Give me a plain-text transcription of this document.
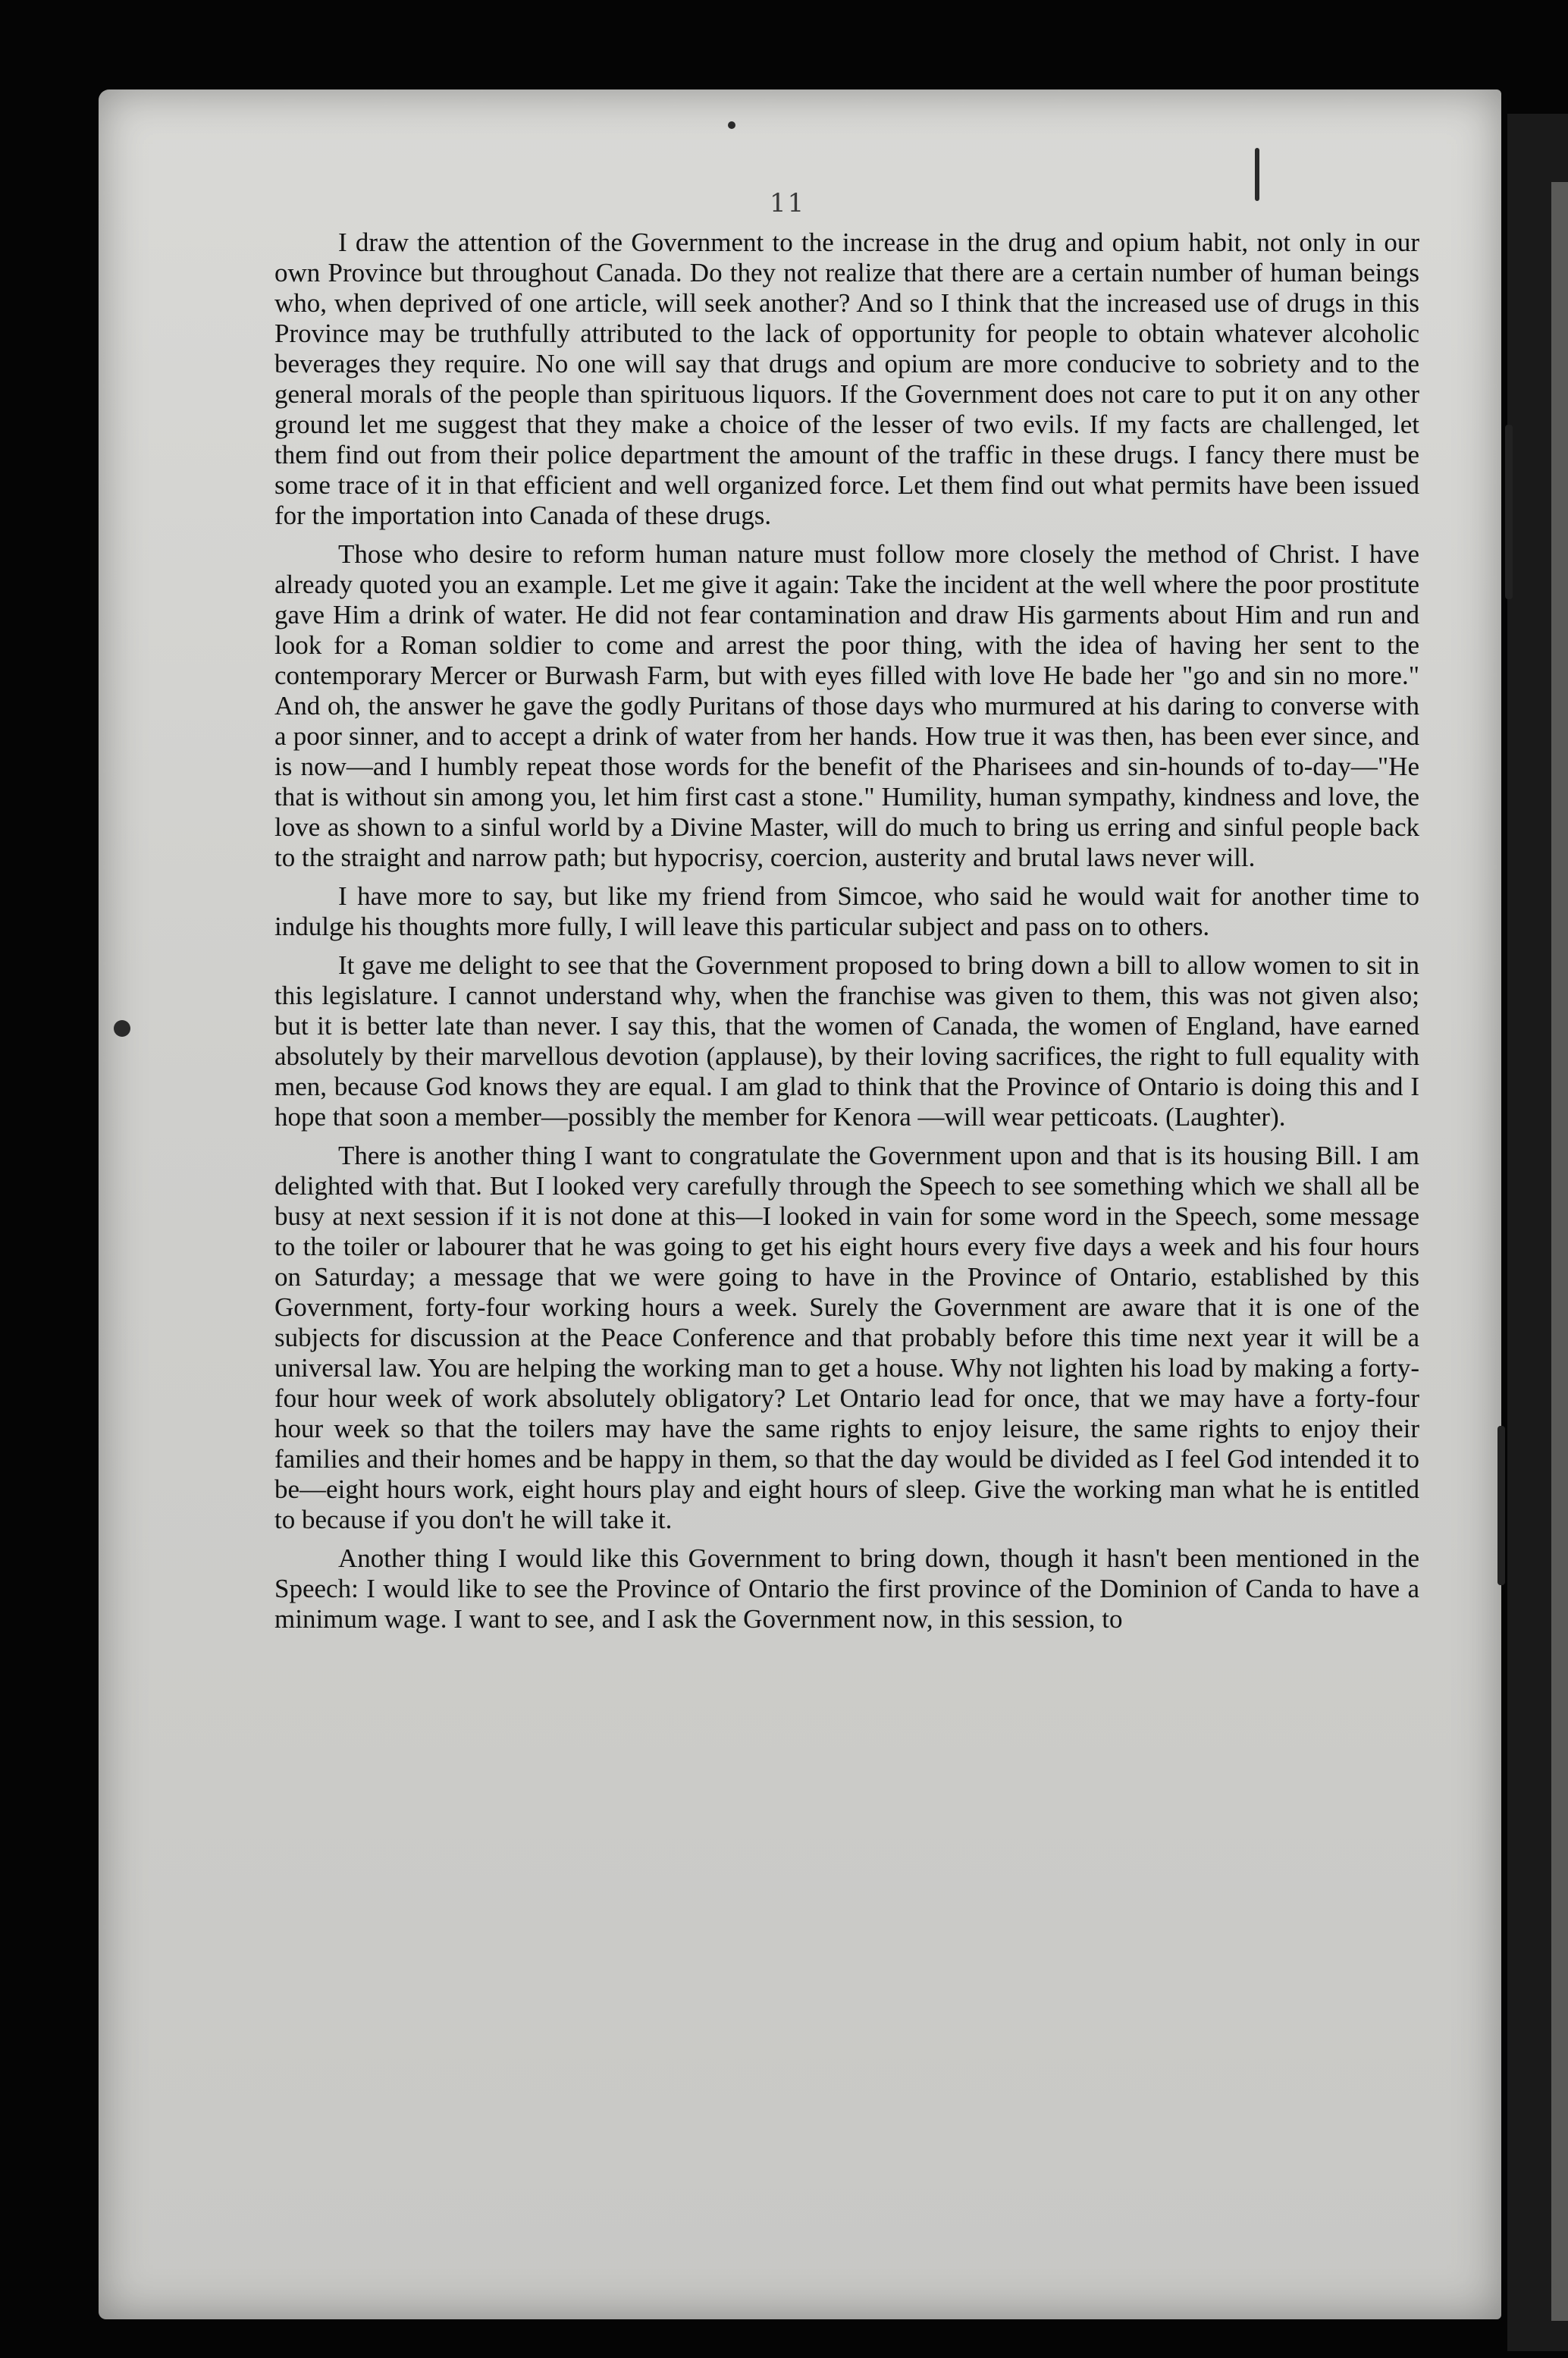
11

I draw the attention of the Government to the increase in the drug and opium habit, not only in our own Province but throughout Canada. Do they not realize that there are a certain number of human beings who, when deprived of one article, will seek another? And so I think that the increased use of drugs in this Province may be truthfully attributed to the lack of opportunity for people to obtain whatever alcoholic beverages they require. No one will say that drugs and opium are more conducive to sobriety and to the general morals of the people than spirituous liquors. If the Government does not care to put it on any other ground let me suggest that they make a choice of the lesser of two evils. If my facts are challenged, let them find out from their police department the amount of the traffic in these drugs. I fancy there must be some trace of it in that efficient and well organized force. Let them find out what permits have been issued for the importation into Canada of these drugs.

Those who desire to reform human nature must follow more closely the method of Christ. I have already quoted you an example. Let me give it again: Take the incident at the well where the poor prostitute gave Him a drink of water. He did not fear contamination and draw His garments about Him and run and look for a Roman soldier to come and arrest the poor thing, with the idea of having her sent to the contemporary Mercer or Burwash Farm, but with eyes filled with love He bade her "go and sin no more." And oh, the answer he gave the godly Puritans of those days who murmured at his daring to converse with a poor sinner, and to accept a drink of water from her hands. How true it was then, has been ever since, and is now—and I humbly repeat those words for the benefit of the Pharisees and sin-hounds of to-day—"He that is without sin among you, let him first cast a stone." Humility, human sympathy, kindness and love, the love as shown to a sinful world by a Divine Master, will do much to bring us erring and sinful people back to the straight and narrow path; but hypocrisy, coercion, austerity and brutal laws never will.

I have more to say, but like my friend from Simcoe, who said he would wait for another time to indulge his thoughts more fully, I will leave this particular subject and pass on to others.

It gave me delight to see that the Government proposed to bring down a bill to allow women to sit in this legislature. I cannot understand why, when the franchise was given to them, this was not given also; but it is better late than never. I say this, that the women of Canada, the women of England, have earned absolutely by their marvellous devotion (applause), by their loving sacrifices, the right to full equality with men, because God knows they are equal. I am glad to think that the Province of Ontario is doing this and I hope that soon a member—possibly the member for Kenora —will wear petticoats. (Laughter).

There is another thing I want to congratulate the Government upon and that is its housing Bill. I am delighted with that. But I looked very carefully through the Speech to see something which we shall all be busy at next session if it is not done at this—I looked in vain for some word in the Speech, some message to the toiler or labourer that he was going to get his eight hours every five days a week and his four hours on Saturday; a message that we were going to have in the Province of Ontario, established by this Government, forty-four working hours a week. Surely the Government are aware that it is one of the subjects for discussion at the Peace Conference and that probably before this time next year it will be a universal law. You are helping the working man to get a house. Why not lighten his load by making a forty-four hour week of work absolutely obligatory? Let Ontario lead for once, that we may have a forty-four hour week so that the toilers may have the same rights to enjoy leisure, the same rights to enjoy their families and their homes and be happy in them, so that the day would be divided as I feel God intended it to be—eight hours work, eight hours play and eight hours of sleep. Give the working man what he is entitled to because if you don't he will take it.

Another thing I would like this Government to bring down, though it hasn't been mentioned in the Speech: I would like to see the Province of Ontario the first province of the Dominion of Canda to have a minimum wage. I want to see, and I ask the Government now, in this session, to
